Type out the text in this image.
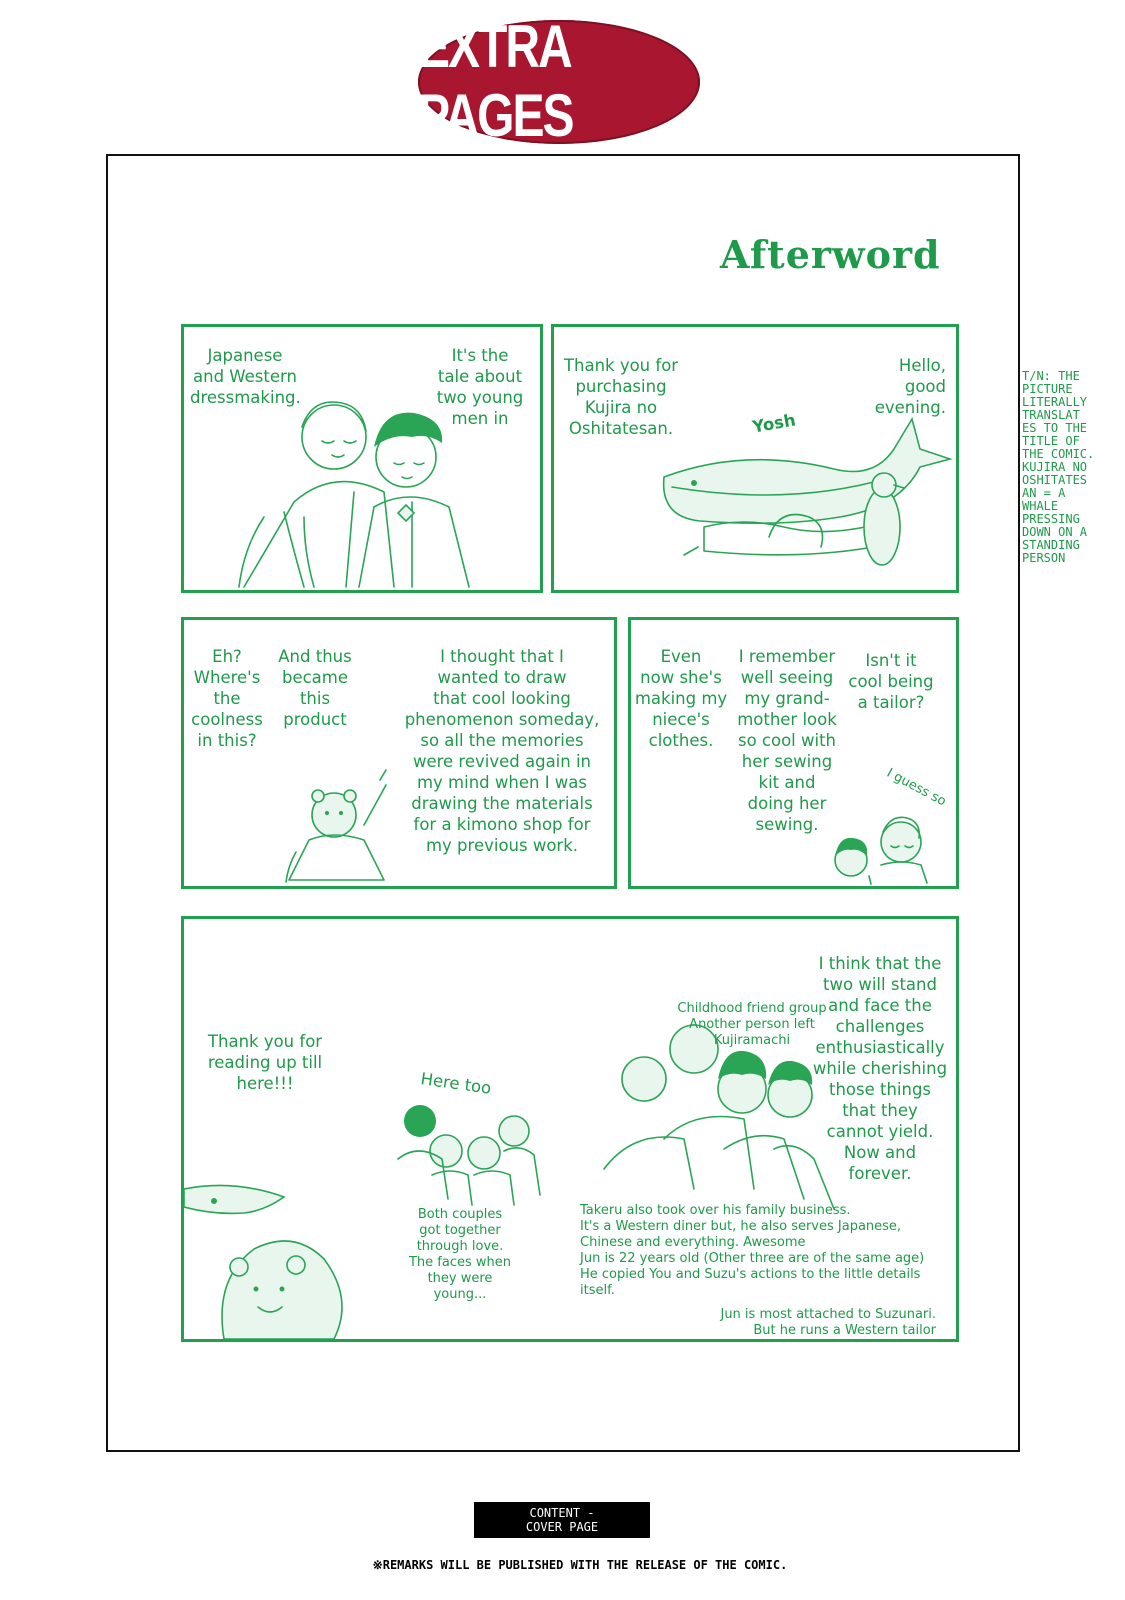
EXTRA PAGES
Afterword
Japanese
and Western
dressmaking.
It's the
tale about
two young
men in
Thank you for
purchasing
Kujira no
Oshitatesan.
Hello,
good
evening.
Yosh
Eh?
Where's
the
coolness
in this?
And thus
became
this
product
I thought that I
wanted to draw
that cool looking
phenomenon someday,
so all the memories
were revived again in
my mind when I was
drawing the materials
for a kimono shop for
my previous work.
Even
now she's
making my
niece's
clothes.
I remember
well seeing
my grand-
mother look
so cool with
her sewing
kit and
doing her
sewing.
Isn't it
cool being
a tailor?
I guess so
Thank you for
reading up till
here!!!	Here too
Childhood friend group
Another person left
Kujiramachi
I think that the
two will stand
and face the
challenges
enthusiastically
while cherishing
those things
that they
cannot yield.
Now and
forever.
Both couples
got together
through love.
The faces when
they were
young...
Takeru also took over his family business.
It's a Western diner but, he also serves Japanese,
Chinese and everything. Awesome
Jun is 22 years old (Other three are of the same age)
He copied You and Suzu's actions to the little details
itself.
Jun is most attached to Suzunari.
But he runs a Western tailor
T/N: THE
PICTURE
LITERALLY
TRANSLAT
ES TO THE
TITLE OF
THE COMIC.
KUJIRA NO
OSHITATES
AN = A
WHALE
PRESSING
DOWN ON A
STANDING
PERSON
CONTENT -
COVER PAGE
※REMARKS WILL BE PUBLISHED WITH THE RELEASE OF THE COMIC.
